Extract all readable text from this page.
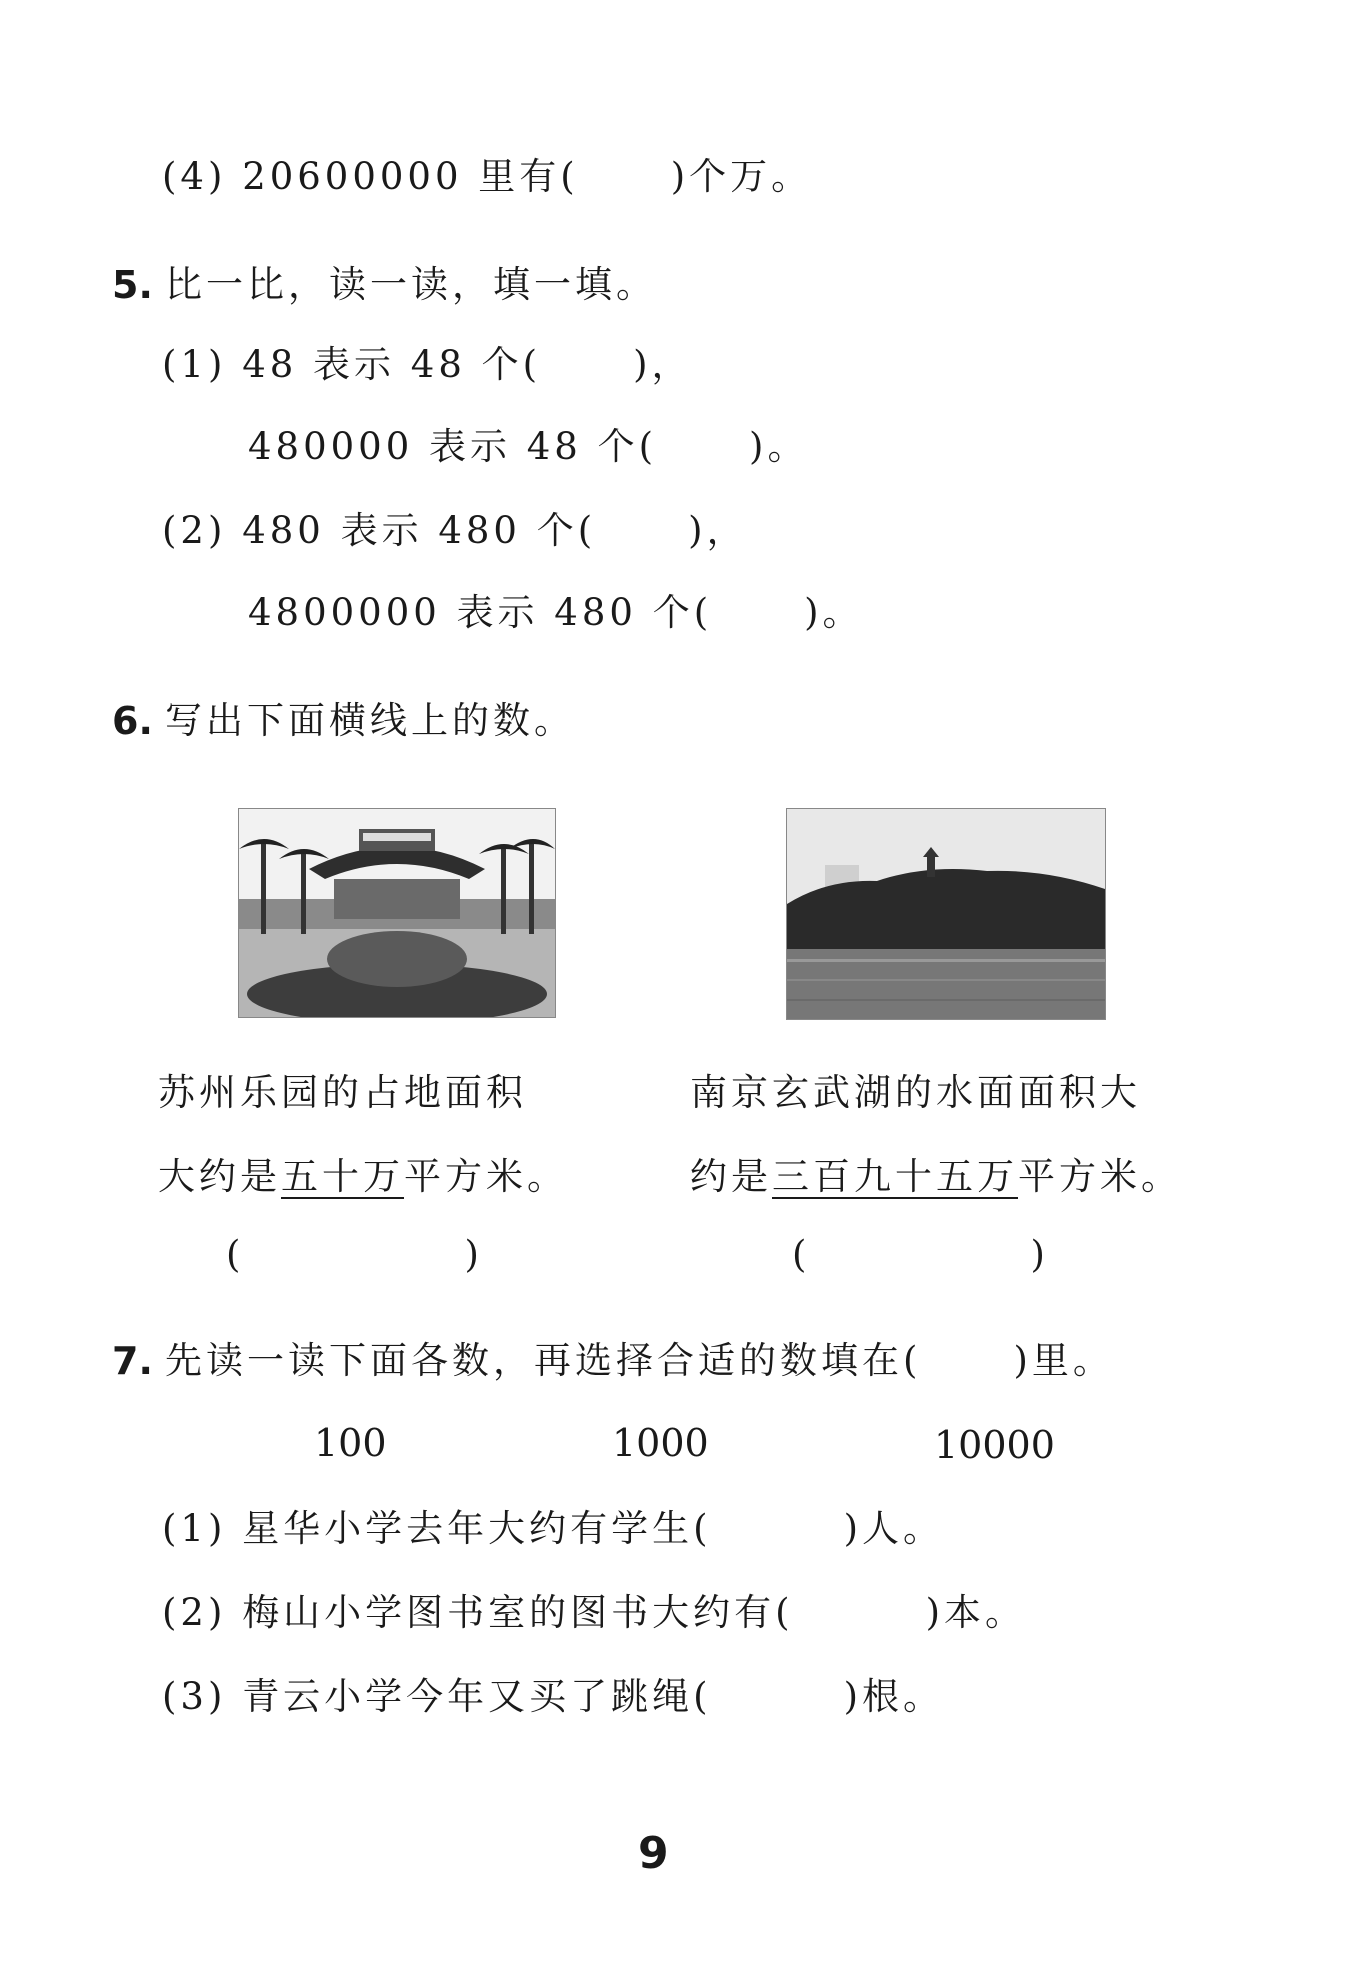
(4) 20600000 里有( )个万。
5. 比一比，读一读，填一填。
(1) 48 表示 48 个( )，
480000 表示 48 个( )。
(2) 480 表示 480 个( )，
4800000 表示 480 个( )。
6. 写出下面横线上的数。
苏州乐园的占地面积
大约是五十万平方米。
(	)
南京玄武湖的水面面积大
约是三百九十五万平方米。
(	)
7. 先读一读下面各数，再选择合适的数填在( )里。
100	1000	10000
(1) 星华小学去年大约有学生(	)人。
(2) 梅山小学图书室的图书大约有(	)本。
(3) 青云小学今年又买了跳绳(	)根。
9
